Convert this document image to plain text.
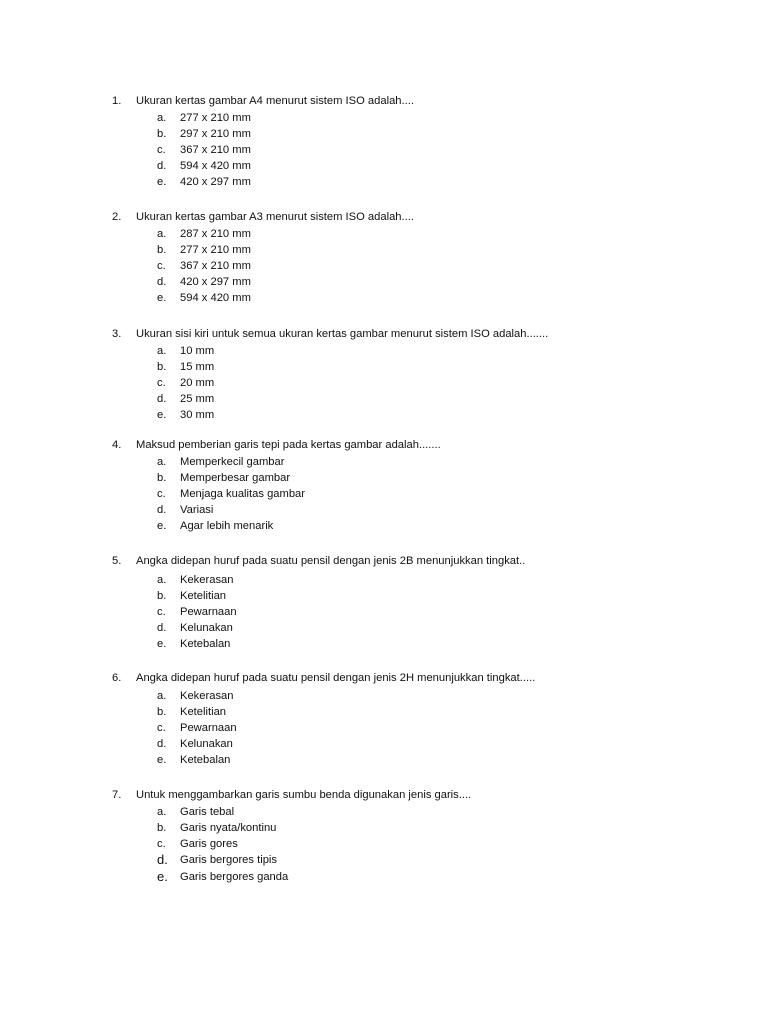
1. Ukuran kertas gambar A4 menurut sistem ISO adalah....
a. 277 x 210 mm
b. 297 x 210 mm
c. 367 x 210 mm
d. 594 x 420 mm
e. 420 x 297 mm
2. Ukuran kertas gambar A3 menurut sistem ISO adalah....
a. 287 x 210 mm
b. 277 x 210 mm
c. 367 x 210 mm
d. 420 x 297 mm
e. 594 x 420 mm
3. Ukuran sisi kiri untuk semua ukuran kertas gambar menurut sistem ISO adalah.......
a. 10 mm
b. 15 mm
c. 20 mm
d. 25 mm
e. 30 mm
4. Maksud pemberian garis tepi pada kertas gambar adalah.......
a. Memperkecil gambar
b. Memperbesar gambar
c. Menjaga kualitas gambar
d. Variasi
e. Agar lebih menarik
5. Angka didepan huruf pada suatu pensil dengan jenis 2B menunjukkan tingkat..
a. Kekerasan
b. Ketelitian
c. Pewarnaan
d. Kelunakan
e. Ketebalan
6. Angka didepan huruf pada suatu pensil dengan jenis 2H menunjukkan tingkat.....
a. Kekerasan
b. Ketelitian
c. Pewarnaan
d. Kelunakan
e. Ketebalan
7. Untuk menggambarkan garis sumbu benda digunakan jenis garis....
a. Garis tebal
b. Garis nyata/kontinu
c. Garis gores
d. Garis bergores tipis
e. Garis bergores ganda
